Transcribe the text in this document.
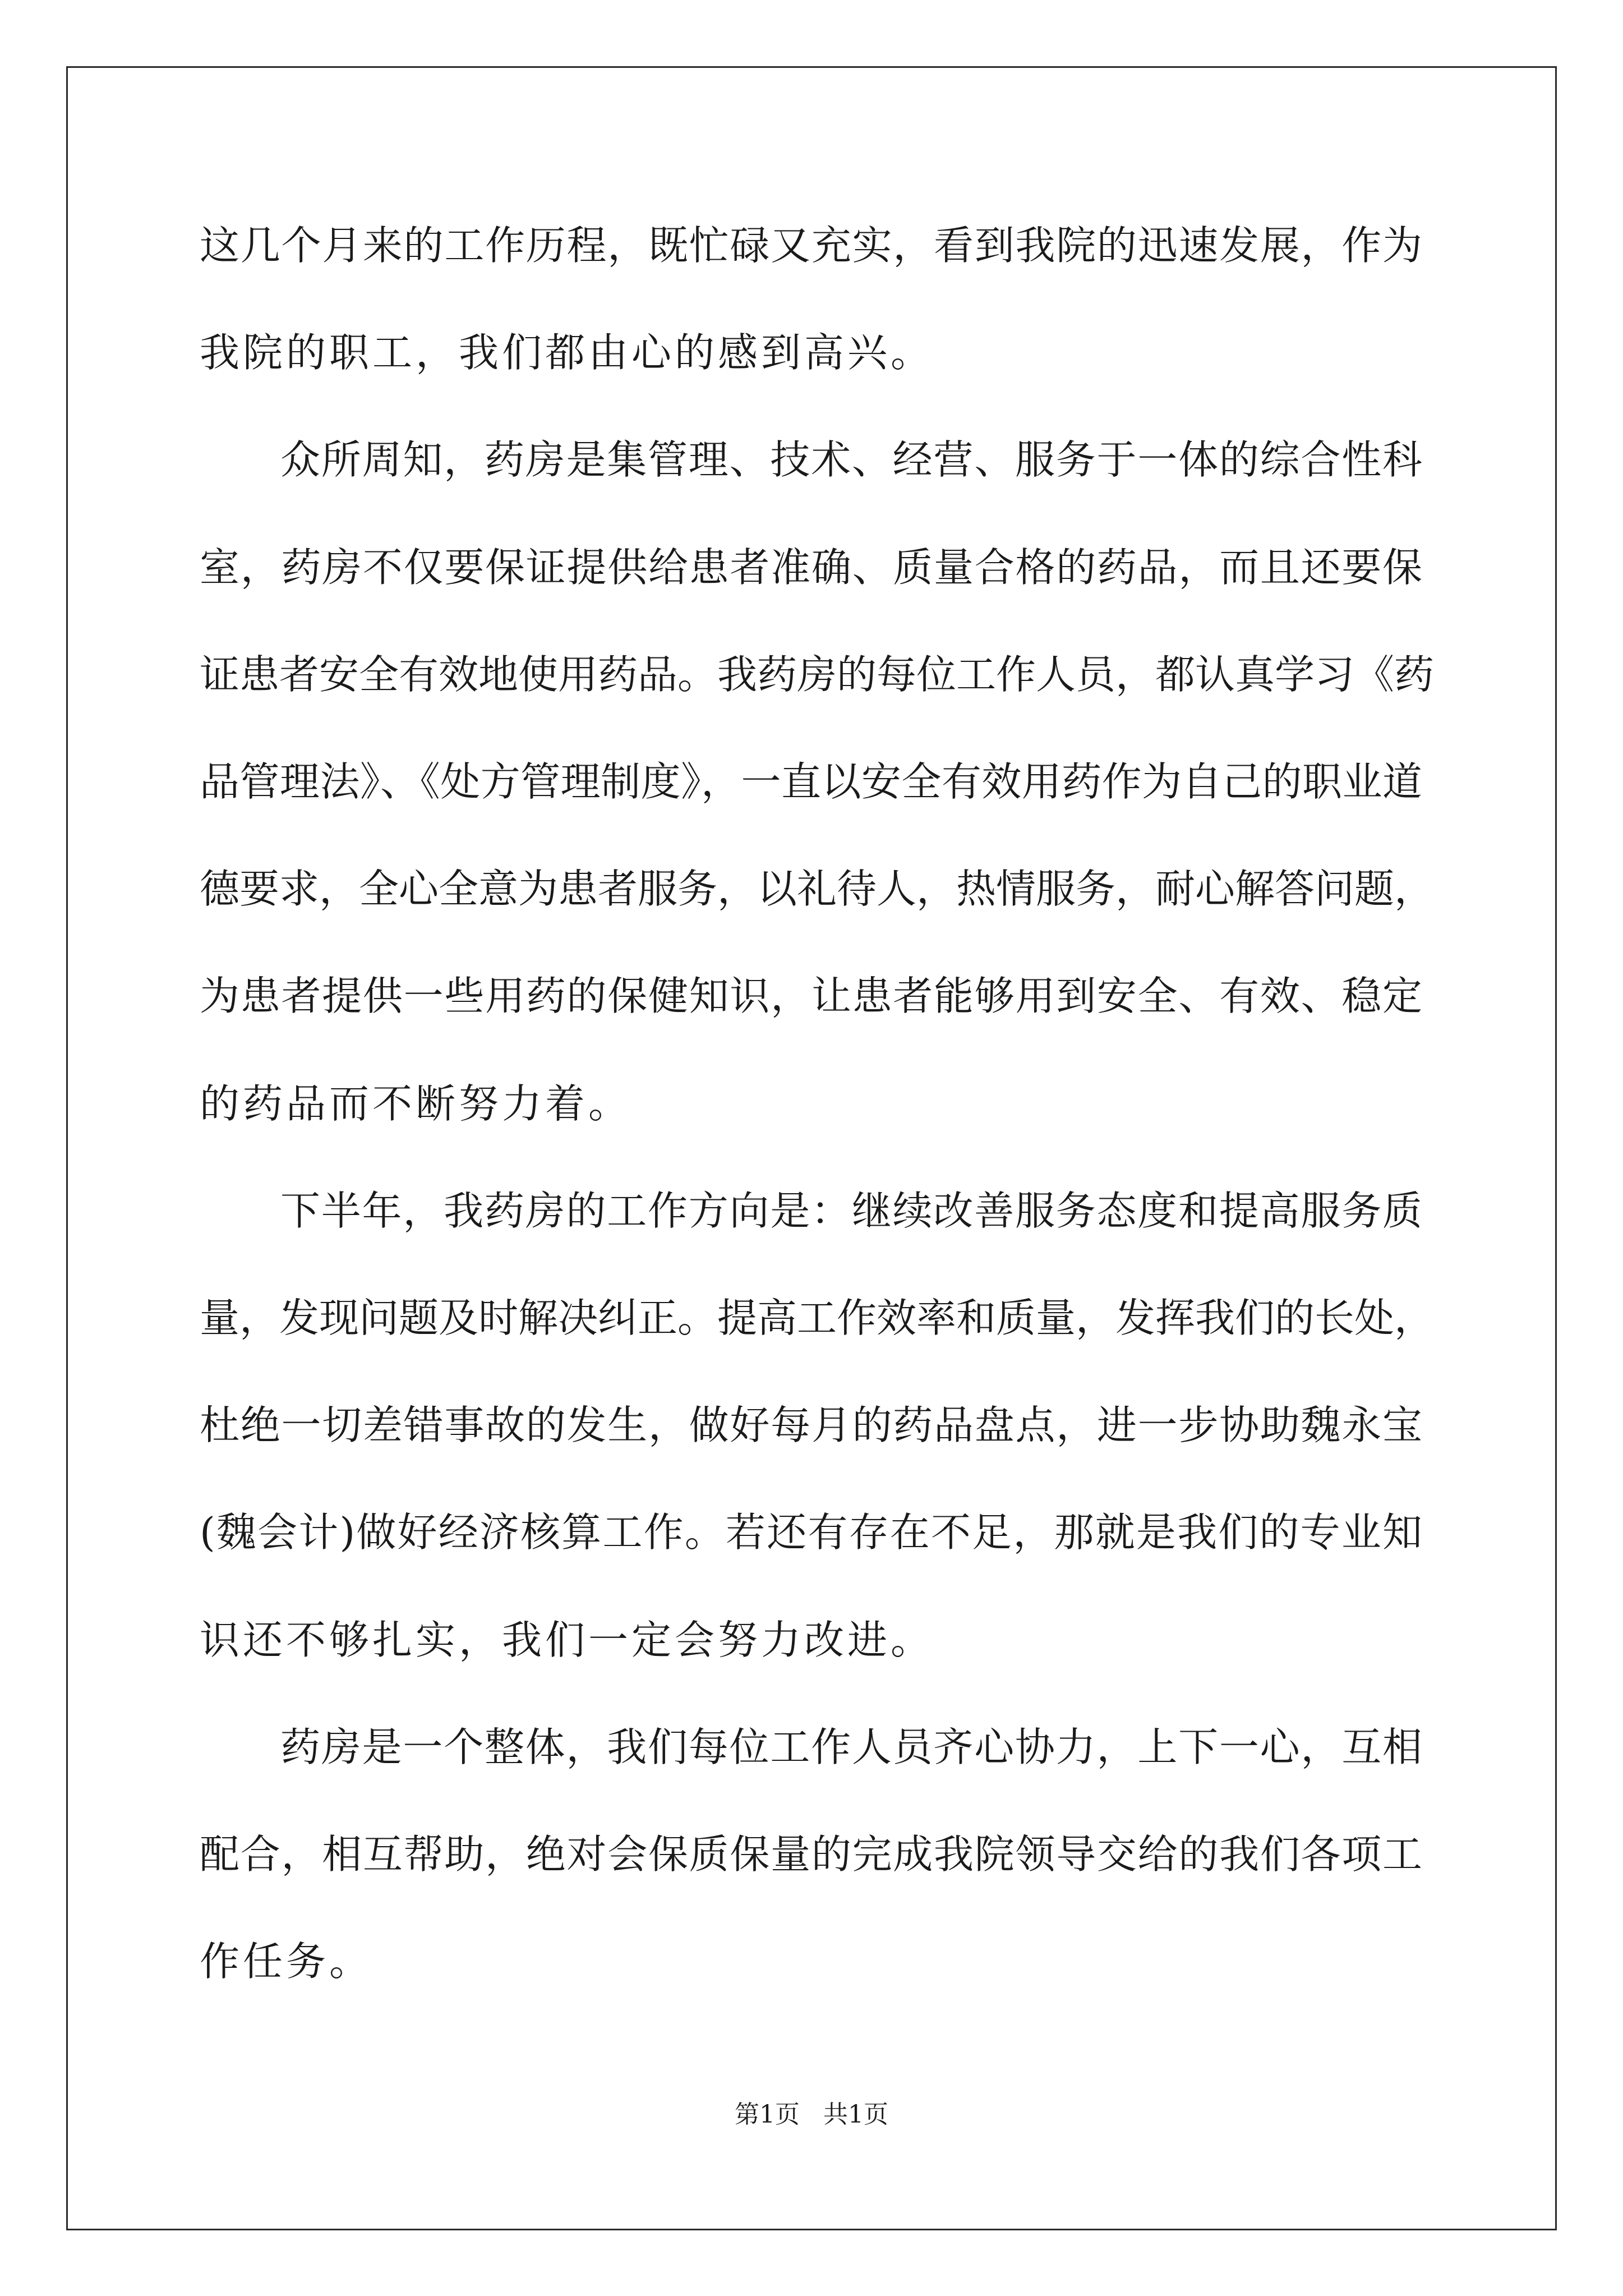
这几个月来的工作历程，既忙碌又充实，看到我院的迅速发展，作为
我院的职工，我们都由心的感到高兴。
众所周知，药房是集管理、技术、经营、服务于一体的综合性科
室，药房不仅要保证提供给患者准确、质量合格的药品，而且还要保
证患者安全有效地使用药品。我药房的每位工作人员，都认真学习《药
品管理法》、《处方管理制度》，一直以安全有效用药作为自己的职业道
德要求，全心全意为患者服务，以礼待人，热情服务，耐心解答问题，
为患者提供一些用药的保健知识，让患者能够用到安全、有效、稳定
的药品而不断努力着。
下半年，我药房的工作方向是：继续改善服务态度和提高服务质
量，发现问题及时解决纠正。提高工作效率和质量，发挥我们的长处，
杜绝一切差错事故的发生，做好每月的药品盘点，进一步协助魏永宝
(魏会计)做好经济核算工作。若还有存在不足，那就是我们的专业知
识还不够扎实，我们一定会努力改进。
药房是一个整体，我们每位工作人员齐心协力，上下一心，互相
配合，相互帮助，绝对会保质保量的完成我院领导交给的我们各项工
作任务。
第1页   共1页
